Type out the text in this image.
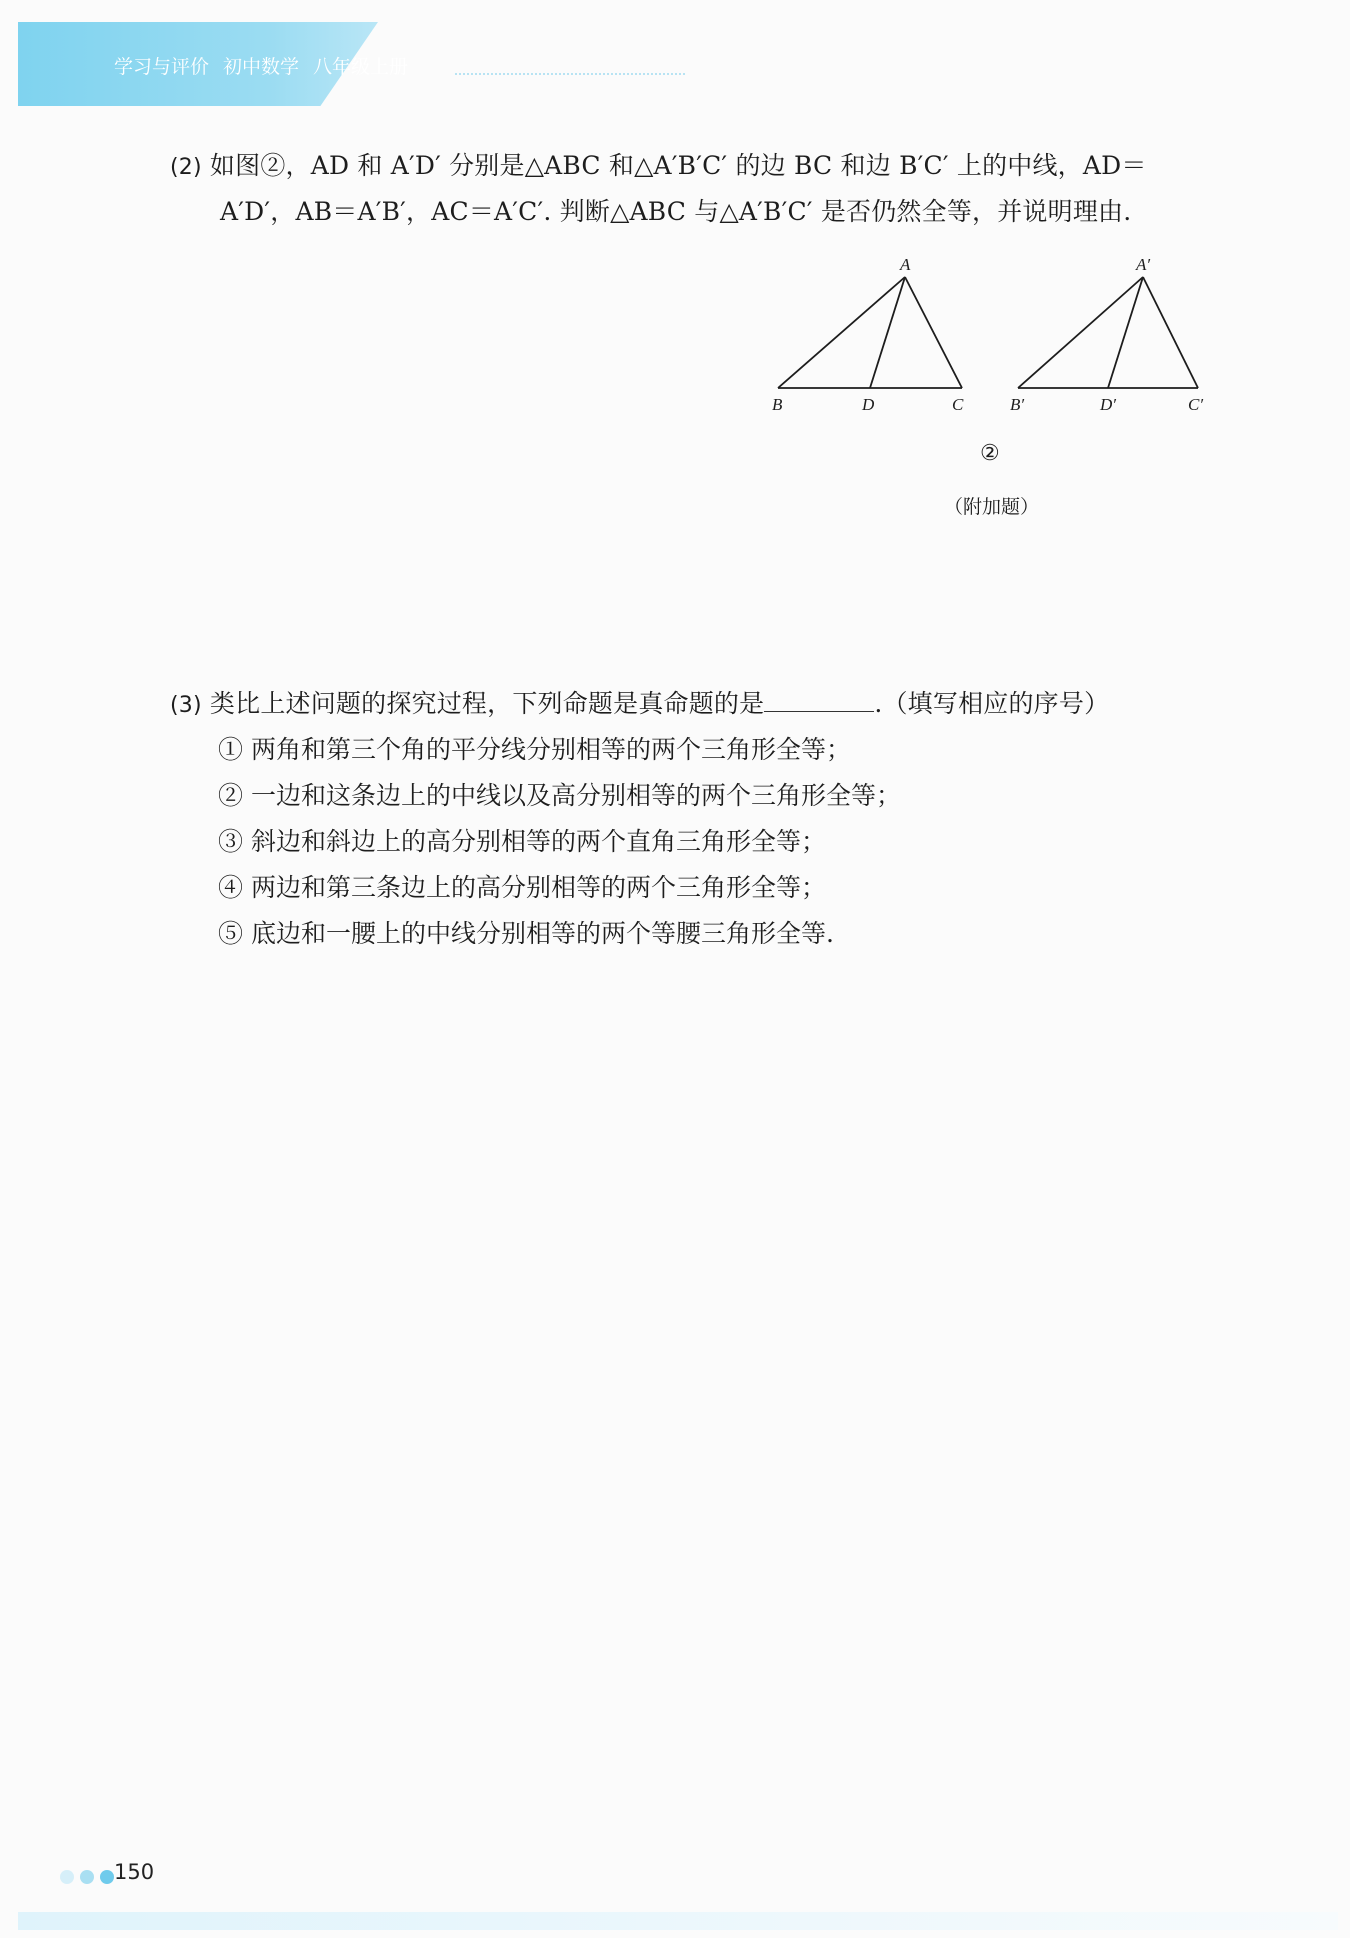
学习与评价 初中数学 八年级上册
(2) 如图②，AD 和 A′D′ 分别是△ABC 和△A′B′C′ 的边 BC 和边 B′C′ 上的中线，AD＝
A′D′，AB＝A′B′，AC＝A′C′. 判断△ABC 与△A′B′C′ 是否仍然全等，并说明理由.
A
B	D	C
A′
B′	D′	C′
②
（附加题）
(3) 类比上述问题的探究过程，下列命题是真命题的是	.（填写相应的序号）
① 两角和第三个角的平分线分别相等的两个三角形全等；
② 一边和这条边上的中线以及高分别相等的两个三角形全等；
③ 斜边和斜边上的高分别相等的两个直角三角形全等；
④ 两边和第三条边上的高分别相等的两个三角形全等；
⑤ 底边和一腰上的中线分别相等的两个等腰三角形全等.
150
